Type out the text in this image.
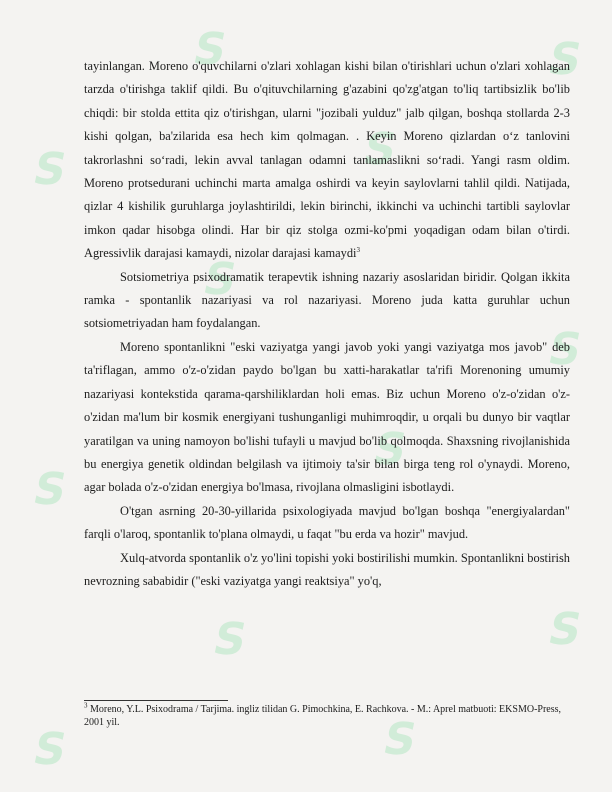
S
S
S
S
S
S
S
S
S
S
S
S

tayinlangan. Moreno o'quvchilarni o'zlari xohlagan kishi bilan o'tirishlari uchun o'zlari xohlagan tarzda o'tirishga taklif qildi. Bu o'qituvchilarning g'azabini qo'zg'atgan to'liq tartibsizlik bo'lib chiqdi: bir stolda ettita qiz o'tirishgan, ularni "jozibali yulduz" jalb qilgan, boshqa stollarda 2-3 kishi qolgan, ba'zilarida esa hech kim qolmagan. . Keyin Moreno qizlardan o‘z tanlovini takrorlashni so‘radi, lekin avval tanlagan odamni tanlamaslikni so‘radi. Yangi rasm oldim. Moreno protsedurani uchinchi marta amalga oshirdi va keyin saylovlarni tahlil qildi. Natijada, qizlar 4 kishilik guruhlarga joylashtirildi, lekin birinchi, ikkinchi va uchinchi tartibli saylovlar imkon qadar hisobga olindi. Har bir qiz stolga ozmi-ko'pmi yoqadigan odam bilan o'tirdi. Agressivlik darajasi kamaydi, nizolar darajasi kamaydi$^3$

Sotsiometriya psixodramatik terapevtik ishning nazariy asoslaridan biridir. Qolgan ikkita ramka - spontanlik nazariyasi va rol nazariyasi. Moreno juda katta guruhlar uchun sotsiometriyadan ham foydalangan.

Moreno spontanlikni "eski vaziyatga yangi javob yoki yangi vaziyatga mos javob" deb ta'riflagan, ammo o'z-o'zidan paydo bo'lgan bu xatti-harakatlar ta'rifi Morenoning umumiy nazariyasi kontekstida qarama-qarshiliklardan holi emas. Biz uchun Moreno o'z-o'zidan o'z-o'zidan ma'lum bir kosmik energiyani tushunganligi muhimroqdir, u orqali bu dunyo bir vaqtlar yaratilgan va uning namoyon bo'lishi tufayli u mavjud bo'lib qolmoqda. Shaxsning rivojlanishida bu energiya genetik oldindan belgilash va ijtimoiy ta'sir bilan birga teng rol o'ynaydi. Moreno, agar bolada o'z-o'zidan energiya bo'lmasa, rivojlana olmasligini isbotlaydi.

O'tgan asrning 20-30-yillarida psixologiyada mavjud bo'lgan boshqa "energiyalardan" farqli o'laroq, spontanlik to'plana olmaydi, u faqat "bu erda va hozir" mavjud.

Xulq-atvorda spontanlik o'z yo'lini topishi yoki bostirilishi mumkin. Spontanlikni bostirish nevrozning sababidir ("eski vaziyatga yangi reaktsiya" yo'q,

$^3$ Moreno, Y.L. Psixodrama / Tarjima. ingliz tilidan G. Pimochkina, E. Rachkova. - M.: Aprel matbuoti: EKSMO-Press, 2001 yil.
